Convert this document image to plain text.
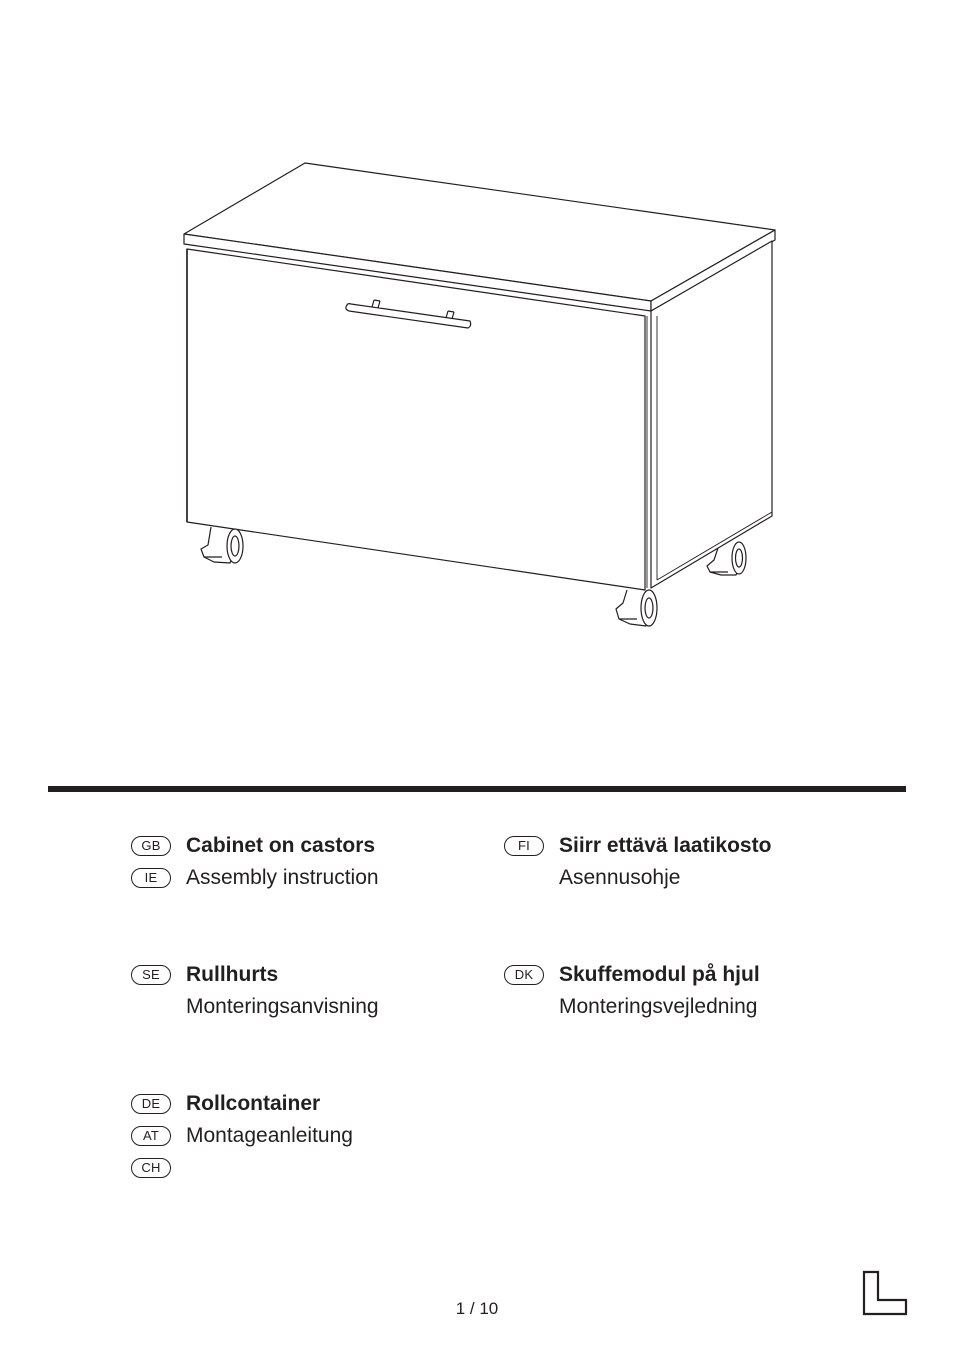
GB	Cabinet on castors
IE	Assembly instruction
FI	Siirr ettävä laatikosto
Asennusohje
SE	Rullhurts
Monteringsanvisning
DK	Skuffemodul på hjul
Monteringsvejledning
DE	Rollcontainer
AT	Montageanleitung
CH
1 / 10
